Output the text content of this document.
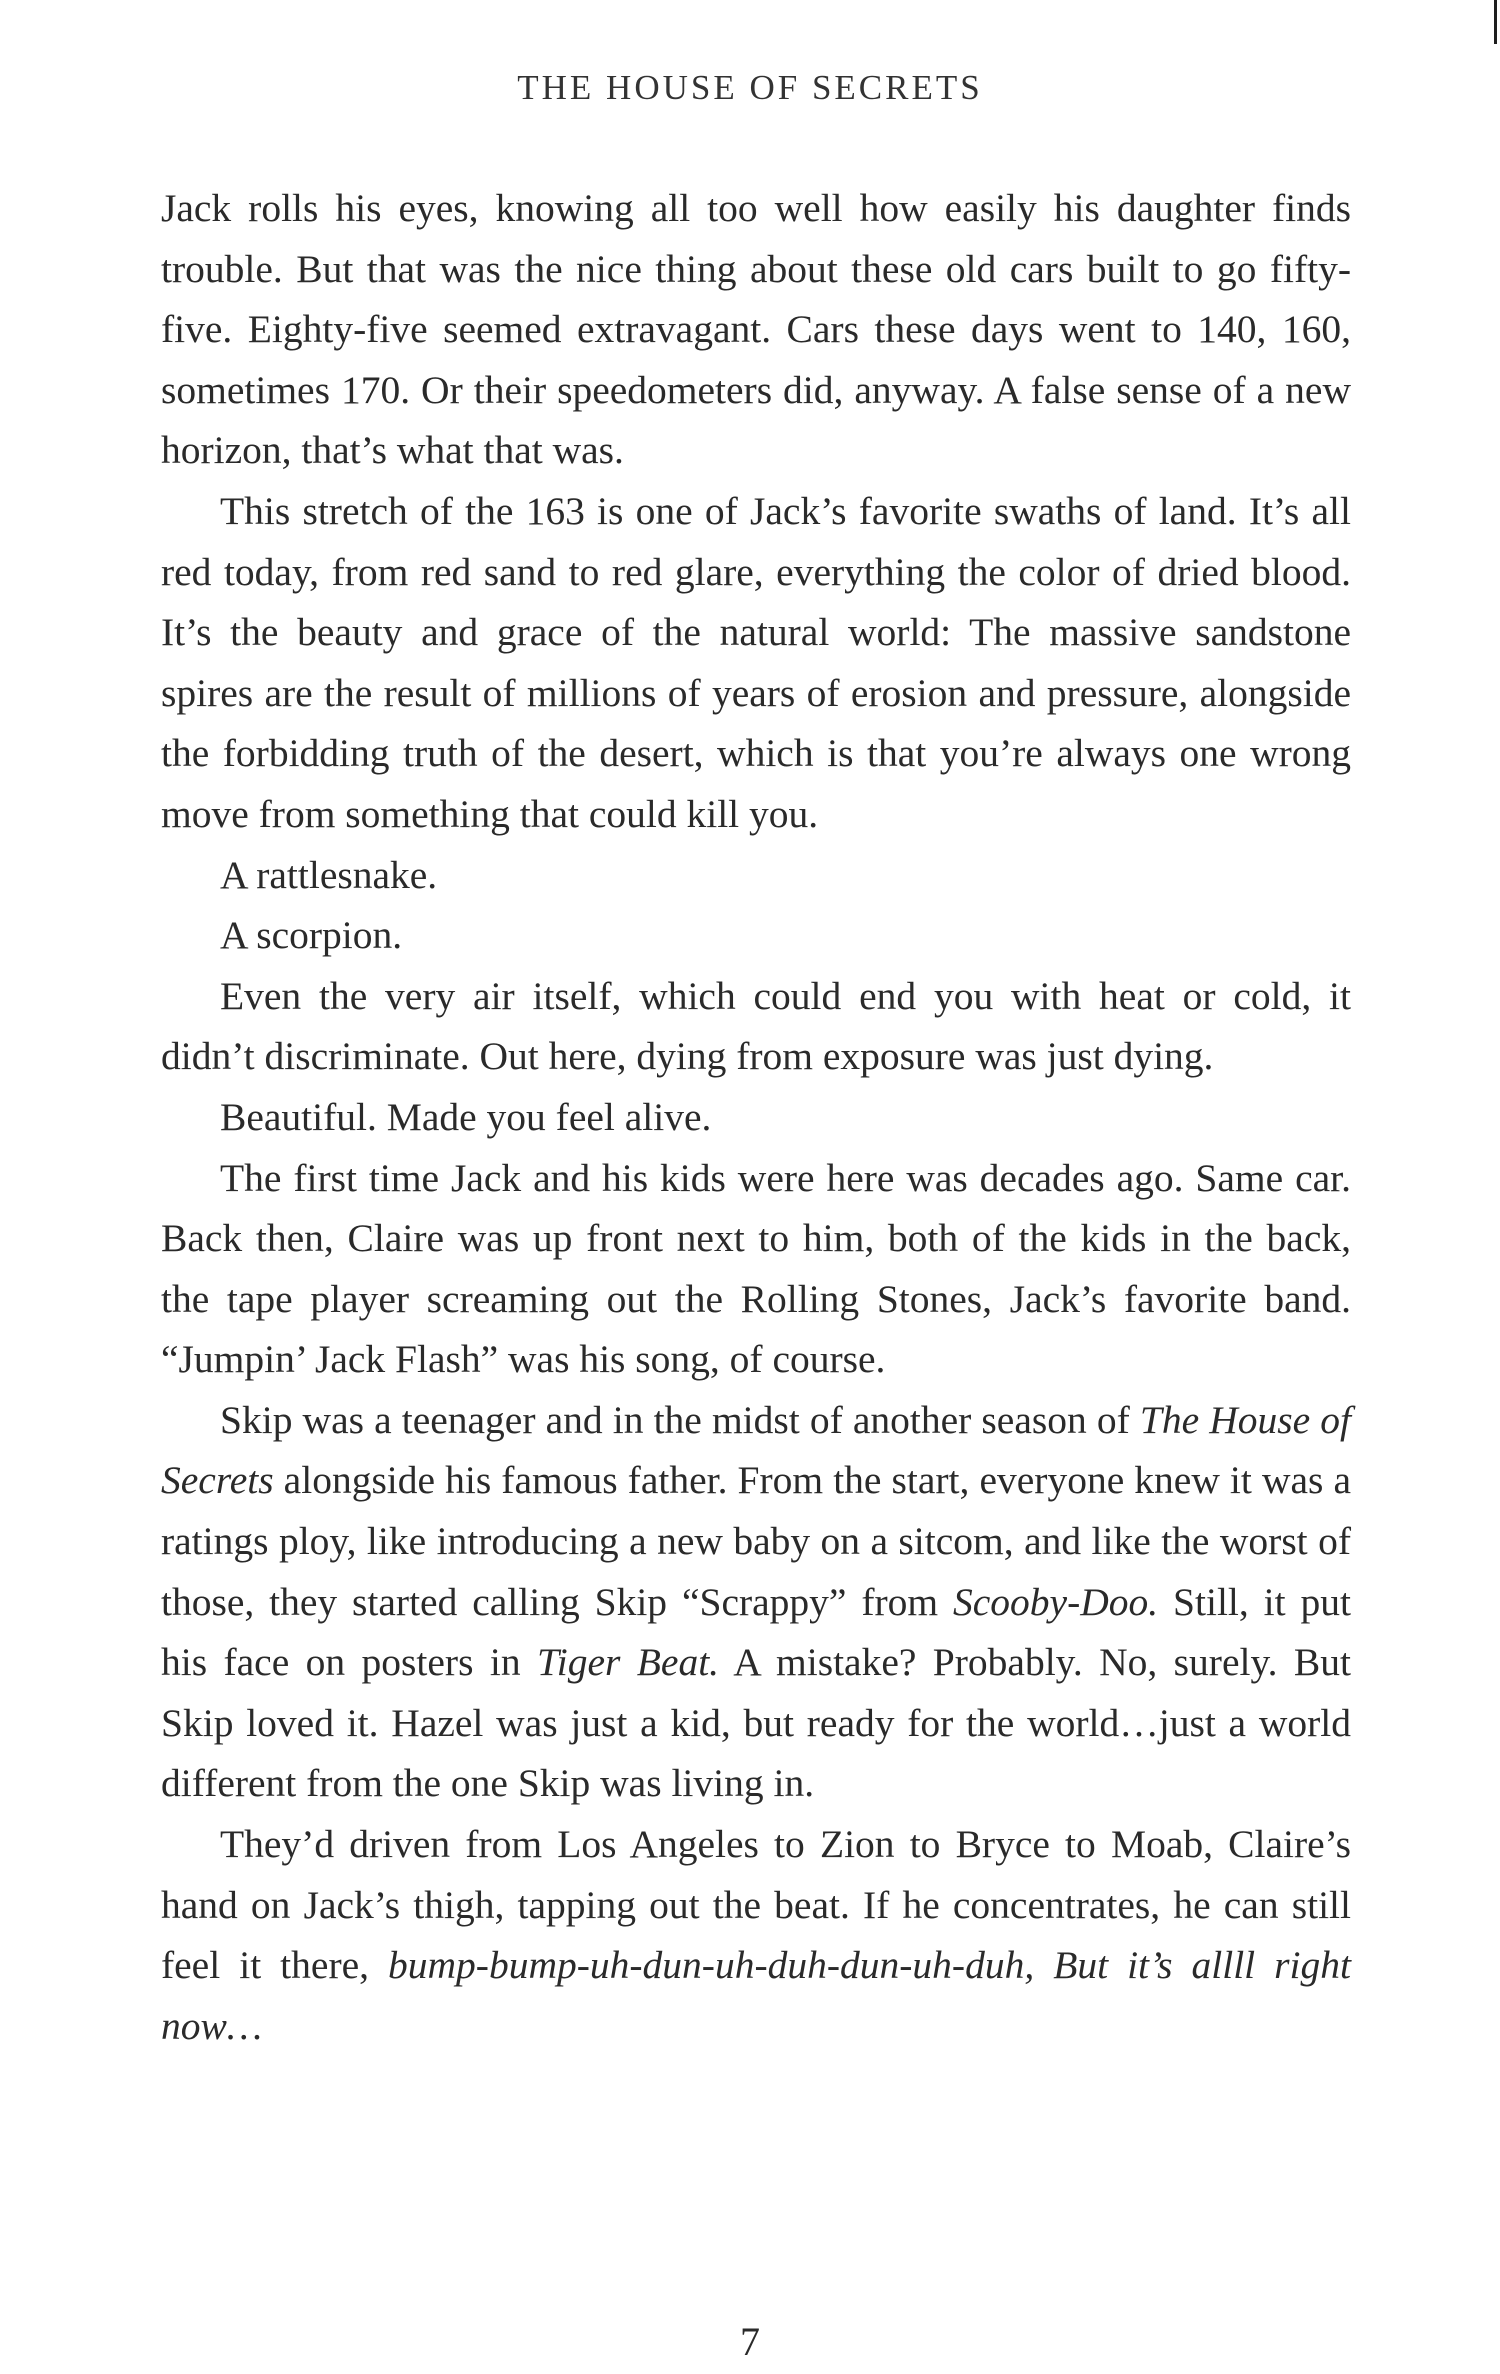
THE HOUSE OF SECRETS

Jack rolls his eyes, knowing all too well how easily his daughter finds trouble. But that was the nice thing about these old cars built to go fifty-five. Eighty-five seemed extravagant. Cars these days went to 140, 160, sometimes 170. Or their speedometers did, anyway. A false sense of a new horizon, that’s what that was.

This stretch of the 163 is one of Jack’s favorite swaths of land. It’s all red today, from red sand to red glare, everything the color of dried blood. It’s the beauty and grace of the natural world: The massive sandstone spires are the result of millions of years of erosion and pressure, alongside the forbidding truth of the desert, which is that you’re always one wrong move from something that could kill you.

A rattlesnake.

A scorpion.

Even the very air itself, which could end you with heat or cold, it didn’t discriminate. Out here, dying from exposure was just dying.

Beautiful. Made you feel alive.

The first time Jack and his kids were here was decades ago. Same car. Back then, Claire was up front next to him, both of the kids in the back, the tape player screaming out the Rolling Stones, Jack’s favorite band. “Jumpin’ Jack Flash” was his song, of course.

Skip was a teenager and in the midst of another season of The House of Secrets alongside his famous father. From the start, everyone knew it was a ratings ploy, like introducing a new baby on a sitcom, and like the worst of those, they started calling Skip “Scrappy” from Scooby-Doo. Still, it put his face on posters in Tiger Beat. A mistake? Probably. No, surely. But Skip loved it. Hazel was just a kid, but ready for the world…just a world different from the one Skip was living in.

They’d driven from Los Angeles to Zion to Bryce to Moab, Claire’s hand on Jack’s thigh, tapping out the beat. If he concentrates, he can still feel it there, bump-bump-uh-dun-uh-duh-dun-uh-duh, But it’s allll right now…

7
